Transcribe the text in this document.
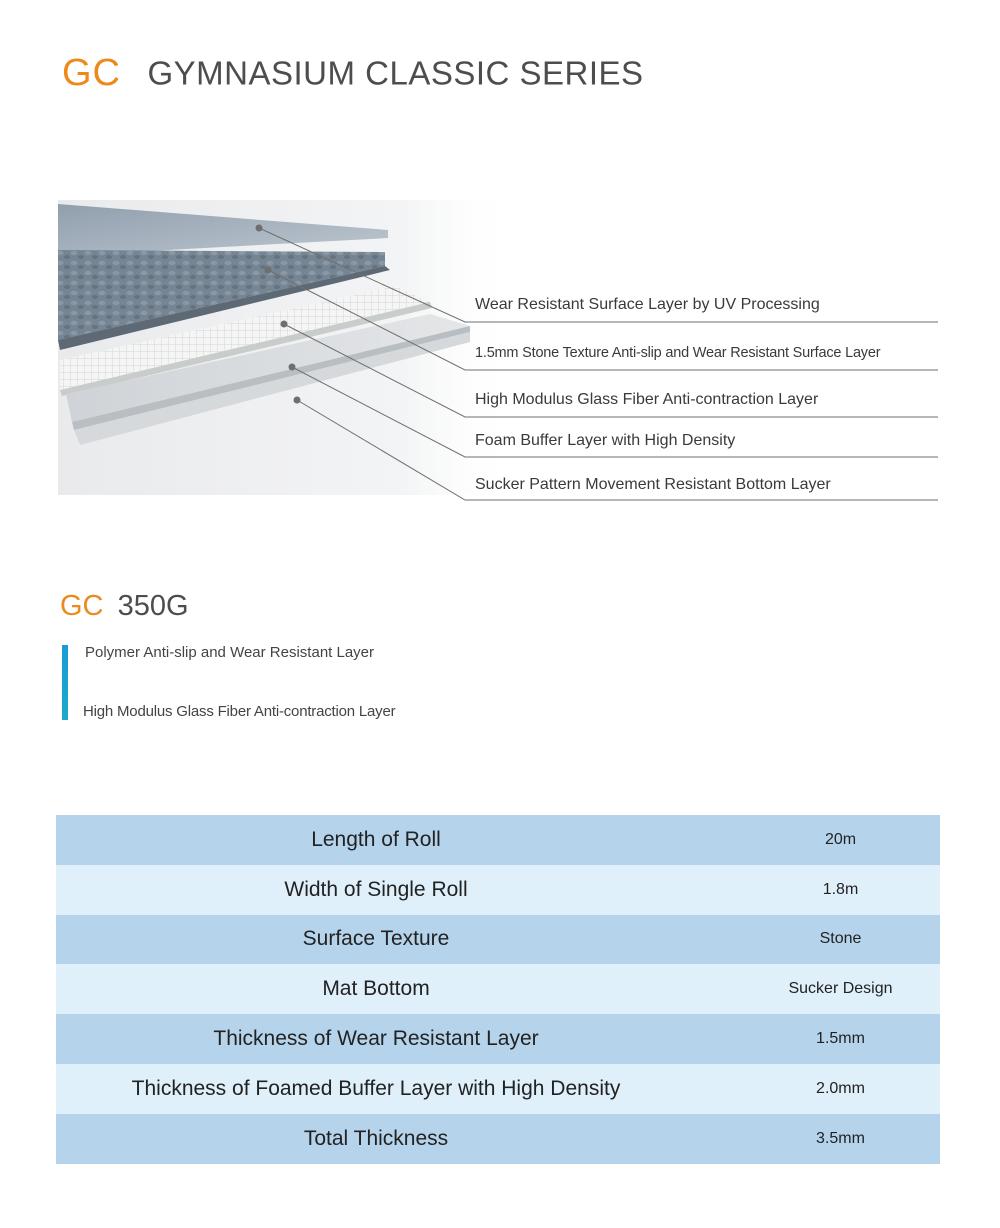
GC GYMNASIUM CLASSIC SERIES
Wear Resistant Surface Layer by UV Processing
1.5mm Stone Texture Anti-slip and Wear Resistant Surface Layer
High Modulus Glass Fiber Anti-contraction Layer
Foam Buffer Layer with High Density
Sucker Pattern Movement Resistant Bottom Layer
GC 350G
Polymer Anti-slip and Wear Resistant Layer
High Modulus Glass Fiber Anti-contraction Layer
Length of Roll	20m
Width of Single Roll	1.8m
Surface Texture	Stone
Mat Bottom	Sucker Design
Thickness of Wear Resistant Layer	1.5mm
Thickness of Foamed Buffer Layer with High Density	2.0mm
Total Thickness	3.5mm
